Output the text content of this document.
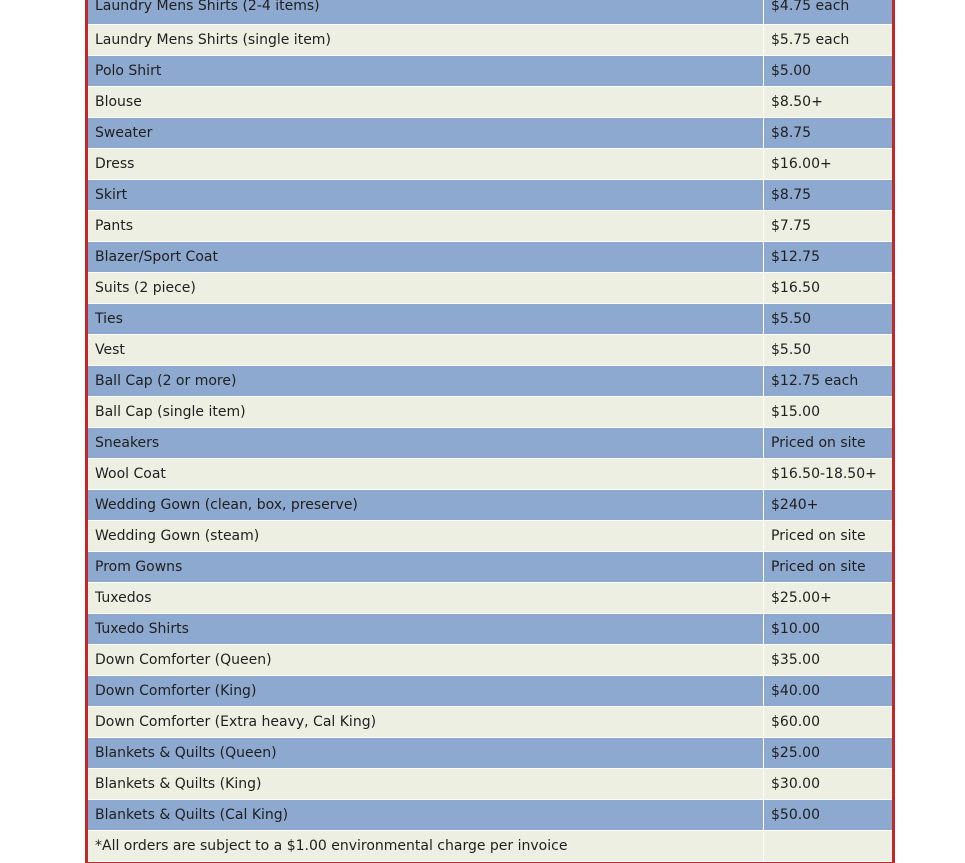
Laundry Mens Shirts (2-4 items)	$4.75 each
Laundry Mens Shirts (single item)	$5.75 each
Polo Shirt	$5.00
Blouse	$8.50+
Sweater	$8.75
Dress	$16.00+
Skirt	$8.75
Pants	$7.75
Blazer/Sport Coat	$12.75
Suits (2 piece)	$16.50
Ties	$5.50
Vest	$5.50
Ball Cap (2 or more)	$12.75 each
Ball Cap (single item)	$15.00
Sneakers	Priced on site
Wool Coat	$16.50-18.50+
Wedding Gown (clean, box, preserve)	$240+
Wedding Gown (steam)	Priced on site
Prom Gowns	Priced on site
Tuxedos	$25.00+
Tuxedo Shirts	$10.00
Down Comforter (Queen)	$35.00
Down Comforter (King)	$40.00
Down Comforter (Extra heavy, Cal King)	$60.00
Blankets & Quilts (Queen)	$25.00
Blankets & Quilts (King)	$30.00
Blankets & Quilts (Cal King)	$50.00
*All orders are subject to a $1.00 environmental charge per invoice	
